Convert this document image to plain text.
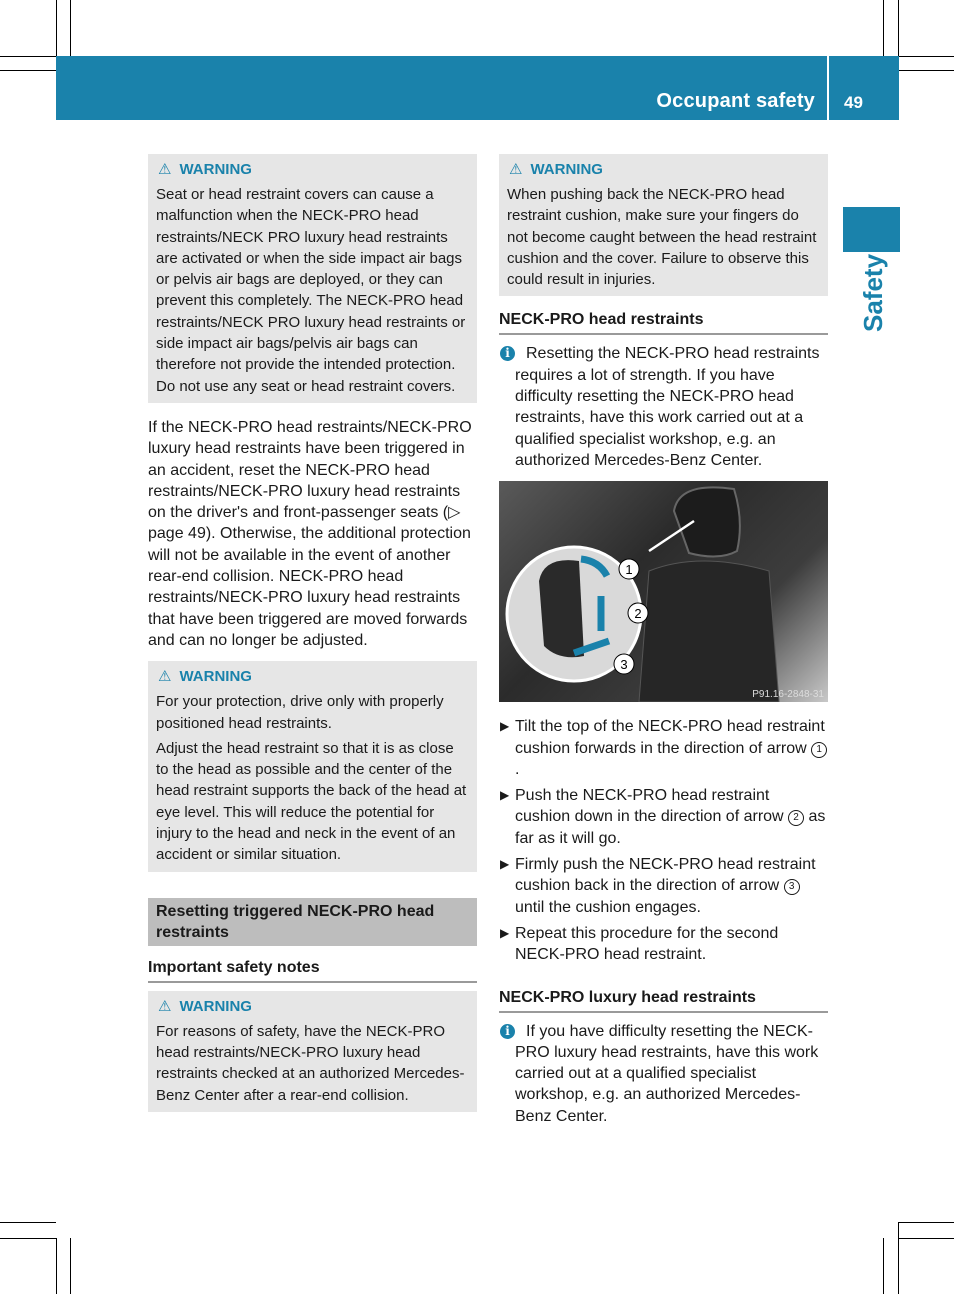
Occupant safety 49
Safety
⚠ WARNING

Seat or head restraint covers can cause a malfunction when the NECK-PRO head restraints/NECK PRO luxury head restraints are activated or when the side impact air bags or pelvis air bags are deployed, or they can prevent this completely. The NECK-PRO head restraints/NECK PRO luxury head restraints or side impact air bags/pelvis air bags can therefore not provide the intended protection. Do not use any seat or head restraint covers.

If the NECK-PRO head restraints/NECK-PRO luxury head restraints have been triggered in an accident, reset the NECK-PRO head restraints/NECK-PRO luxury head restraints on the driver's and front-passenger seats (▷ page 49). Otherwise, the additional protection will not be available in the event of another rear-end collision. NECK-PRO head restraints/NECK-PRO luxury head restraints that have been triggered are moved forwards and can no longer be adjusted.

⚠ WARNING

For your protection, drive only with properly positioned head restraints.

Adjust the head restraint so that it is as close to the head as possible and the center of the head restraint supports the back of the head at eye level. This will reduce the potential for injury to the head and neck in the event of an accident or similar situation.

Resetting triggered NECK-PRO head restraints
Important safety notes
⚠ WARNING

For reasons of safety, have the NECK-PRO head restraints/NECK-PRO luxury head restraints checked at an authorized Mercedes-Benz Center after a rear-end collision.

⚠ WARNING

When pushing back the NECK-PRO head restraint cushion, make sure your fingers do not become caught between the head restraint cushion and the cover. Failure to observe this could result in injuries.

NECK-PRO head restraints
i	Resetting the NECK-PRO head restraints requires a lot of strength. If you have difficulty resetting the NECK-PRO head restraints, have this work carried out at a qualified specialist workshop, e.g. an authorized Mercedes-Benz Center.
1
2
3
P91.16-2848-31
▶ Tilt the top of the NECK-PRO head restraint cushion forwards in the direction of arrow 1.
▶ Push the NECK-PRO head restraint cushion down in the direction of arrow 2 as far as it will go.
▶ Firmly push the NECK-PRO head restraint cushion back in the direction of arrow 3 until the cushion engages.
▶ Repeat this procedure for the second NECK-PRO head restraint.
NECK-PRO luxury head restraints
i	If you have difficulty resetting the NECK-PRO luxury head restraints, have this work carried out at a qualified specialist workshop, e.g. an authorized Mercedes-Benz Center.
